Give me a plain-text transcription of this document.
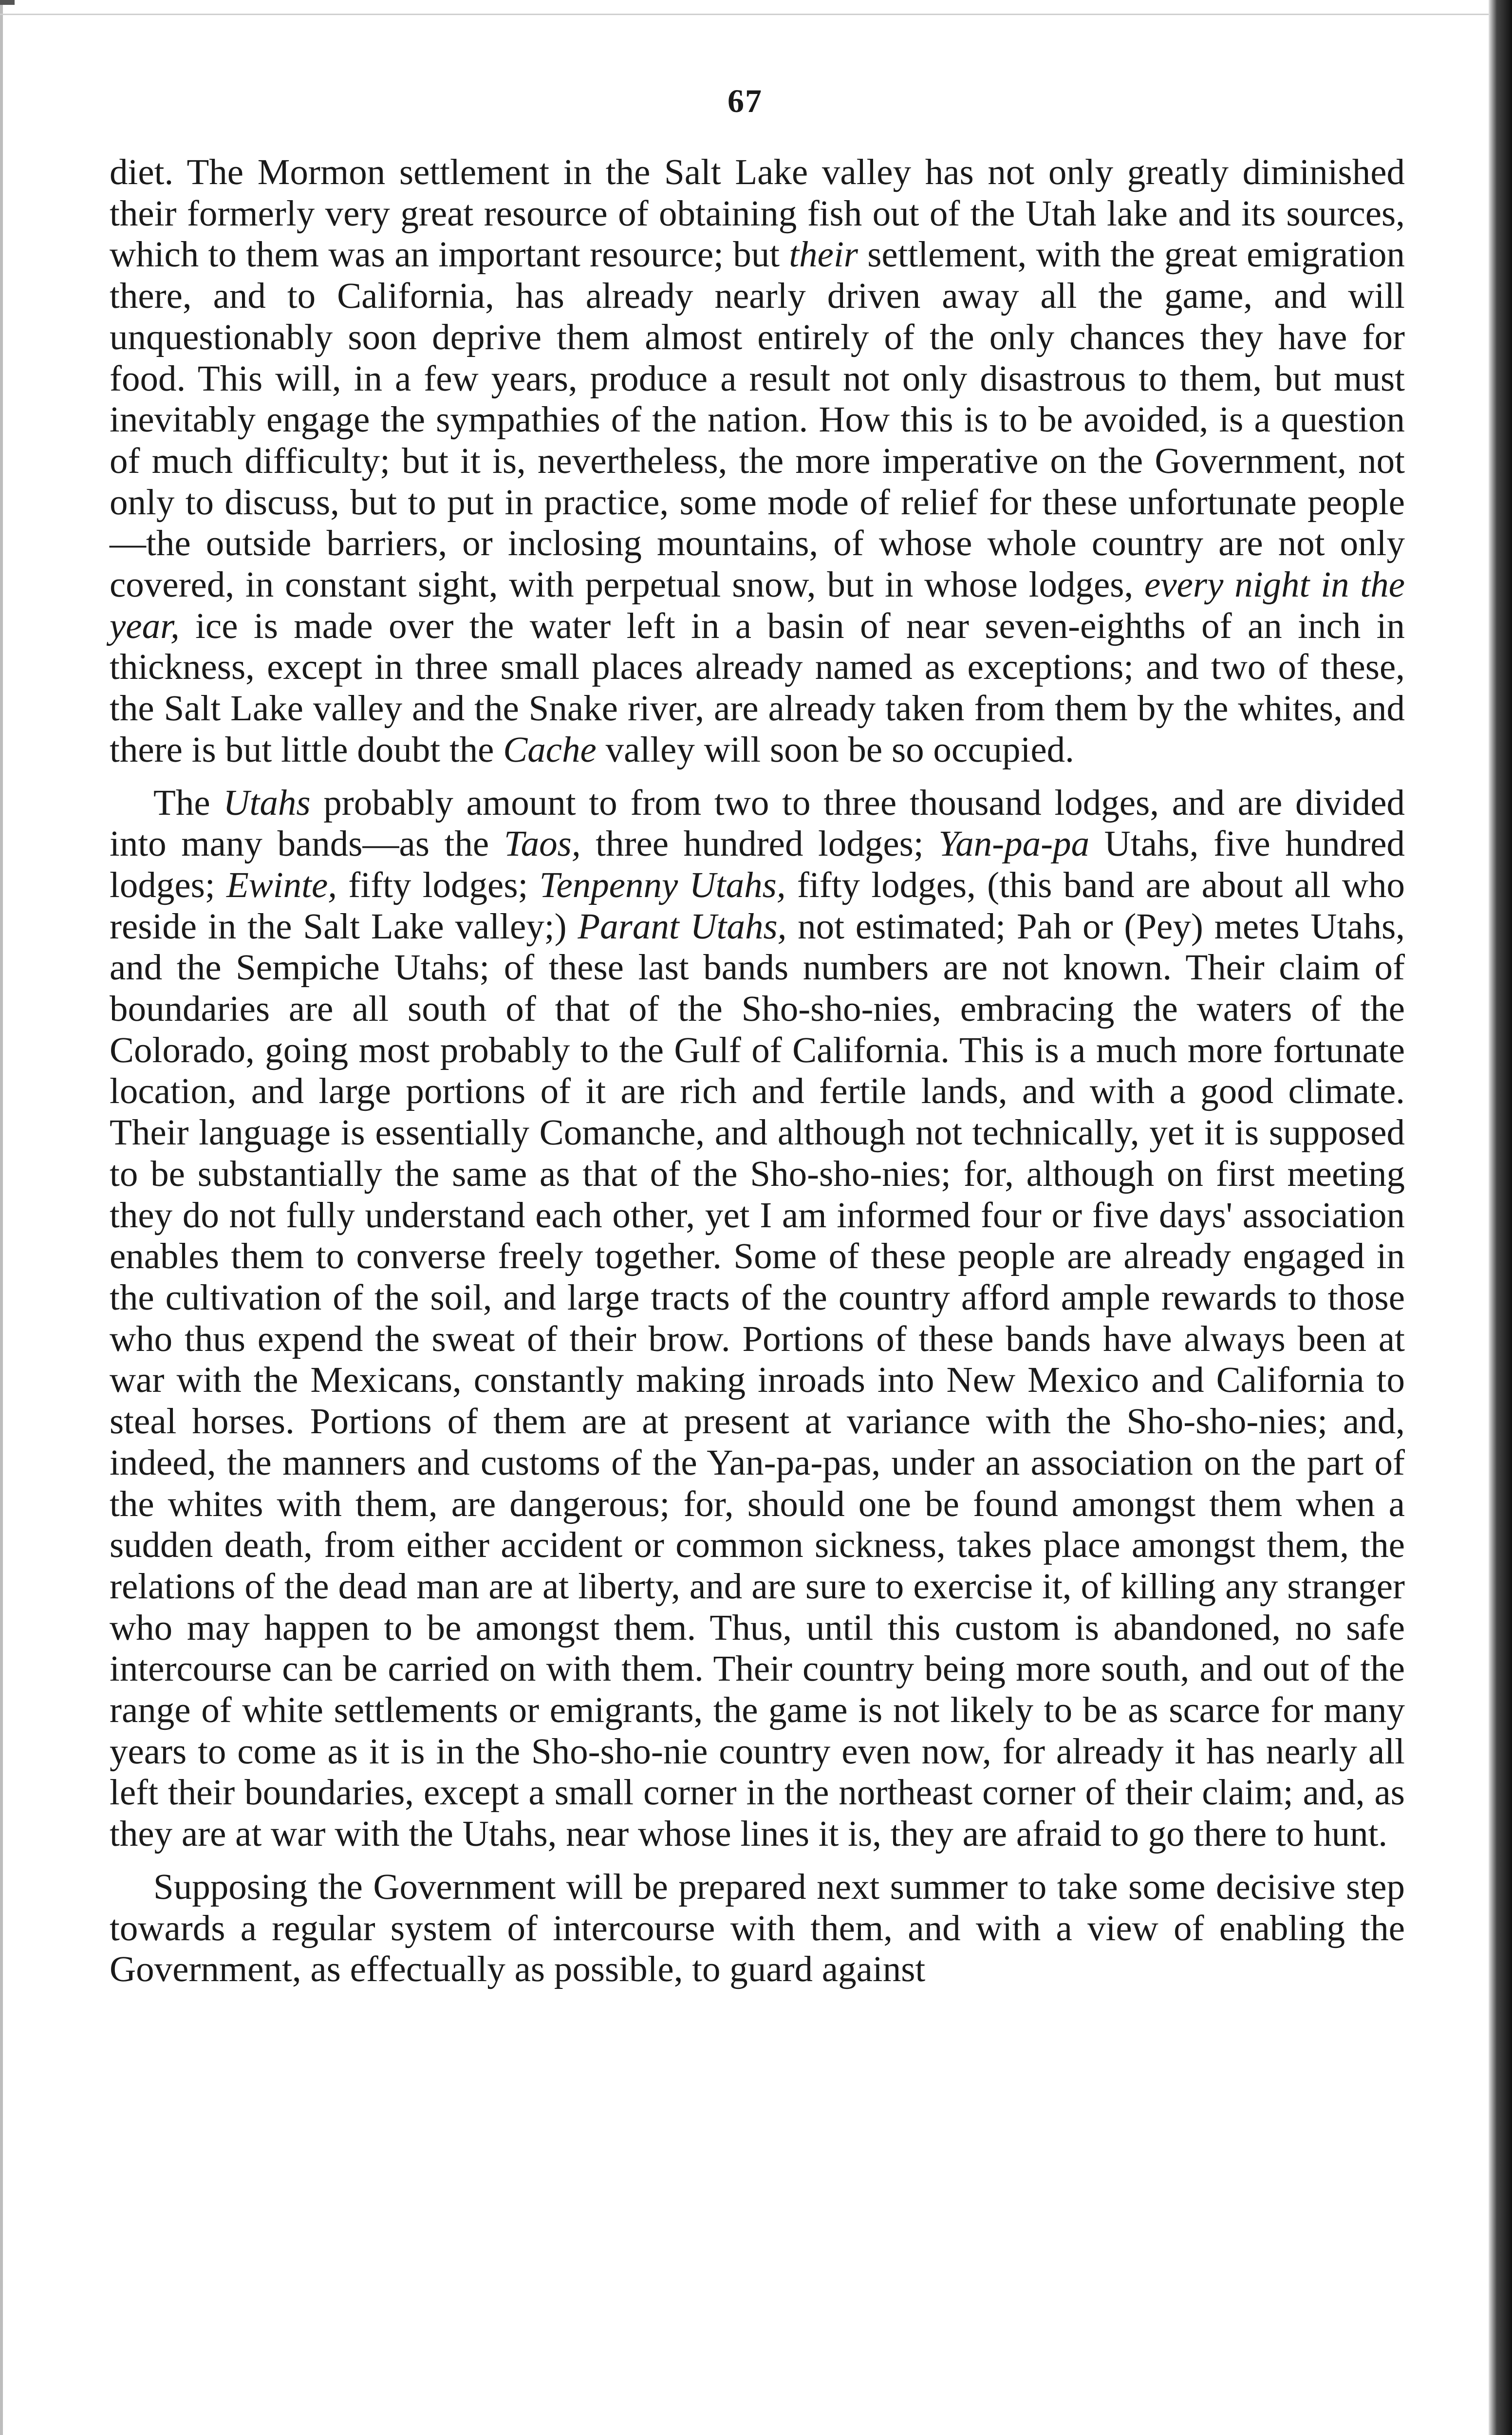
67

diet. The Mormon settlement in the Salt Lake valley has not only greatly diminished their formerly very great resource of obtaining fish out of the Utah lake and its sources, which to them was an important resource; but their settlement, with the great emigration there, and to California, has already nearly driven away all the game, and will unquestionably soon deprive them almost entirely of the only chances they have for food. This will, in a few years, produce a result not only disastrous to them, but must inevitably engage the sympathies of the nation. How this is to be avoided, is a question of much difficulty; but it is, nevertheless, the more imperative on the Government, not only to discuss, but to put in practice, some mode of relief for these unfortunate people—the outside barriers, or inclosing mountains, of whose whole country are not only covered, in constant sight, with perpetual snow, but in whose lodges, every night in the year, ice is made over the water left in a basin of near seven-eighths of an inch in thickness, except in three small places already named as exceptions; and two of these, the Salt Lake valley and the Snake river, are already taken from them by the whites, and there is but little doubt the Cache valley will soon be so occupied.

The Utahs probably amount to from two to three thousand lodges, and are divided into many bands—as the Taos, three hundred lodges; Yan-pa-pa Utahs, five hundred lodges; Ewinte, fifty lodges; Tenpenny Utahs, fifty lodges, (this band are about all who reside in the Salt Lake valley;) Parant Utahs, not estimated; Pah or (Pey) metes Utahs, and the Sempiche Utahs; of these last bands numbers are not known. Their claim of boundaries are all south of that of the Sho-sho-nies, embracing the waters of the Colorado, going most probably to the Gulf of California. This is a much more fortunate location, and large portions of it are rich and fertile lands, and with a good climate. Their language is essentially Comanche, and although not technically, yet it is supposed to be substantially the same as that of the Sho-sho-nies; for, although on first meeting they do not fully understand each other, yet I am informed four or five days' association enables them to converse freely together. Some of these people are already engaged in the cultivation of the soil, and large tracts of the country afford ample rewards to those who thus expend the sweat of their brow. Portions of these bands have always been at war with the Mexicans, constantly making inroads into New Mexico and California to steal horses. Portions of them are at present at variance with the Sho-sho-nies; and, indeed, the manners and customs of the Yan-pa-pas, under an association on the part of the whites with them, are dangerous; for, should one be found amongst them when a sudden death, from either accident or common sickness, takes place amongst them, the relations of the dead man are at liberty, and are sure to exercise it, of killing any stranger who may happen to be amongst them. Thus, until this custom is abandoned, no safe intercourse can be carried on with them. Their country being more south, and out of the range of white settlements or emigrants, the game is not likely to be as scarce for many years to come as it is in the Sho-sho-nie country even now, for already it has nearly all left their boundaries, except a small corner in the northeast corner of their claim; and, as they are at war with the Utahs, near whose lines it is, they are afraid to go there to hunt.

Supposing the Government will be prepared next summer to take some decisive step towards a regular system of intercourse with them, and with a view of enabling the Government, as effectually as possible, to guard against
